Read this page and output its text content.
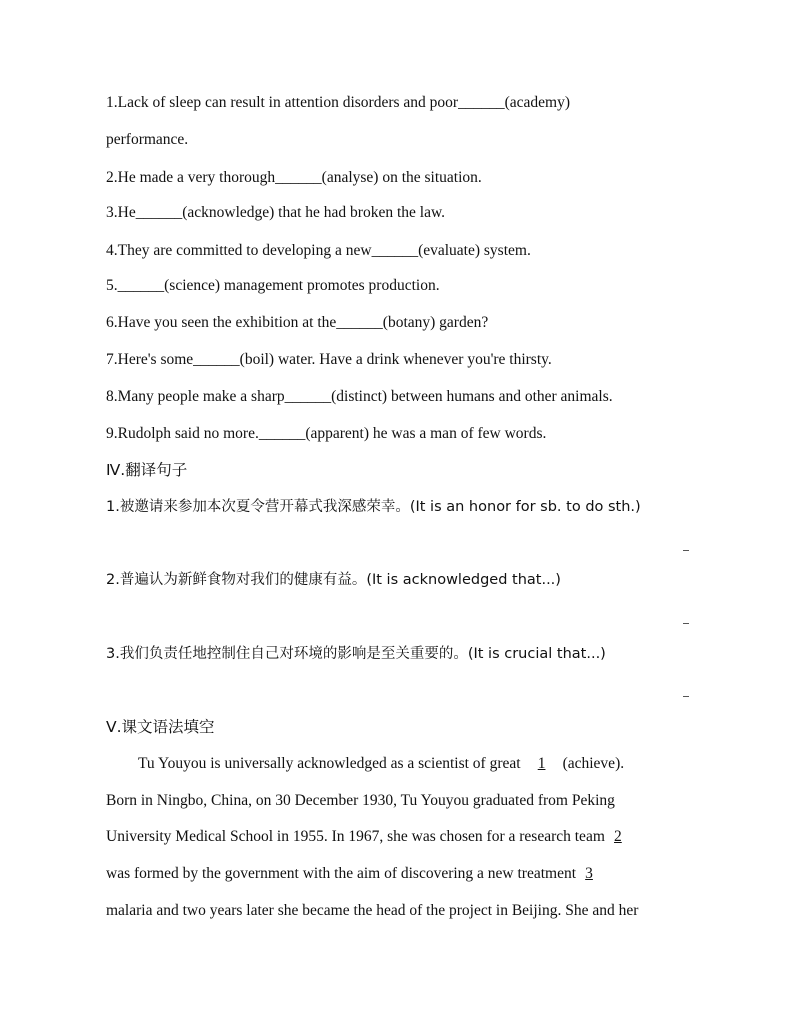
1.Lack of sleep can result in attention disorders and poor______(academy)
performance.
2.He made a very thorough______(analyse) on the situation.
3.He______(acknowledge) that he had broken the law.
4.They are committed to developing a new______(evaluate) system.
5.______(science) management promotes production.
6.Have you seen the exhibition at the______(botany) garden?
7.Here's some______(boil) water. Have a drink whenever you're thirsty.
8.Many people make a sharp______(distinct) between humans and other animals.
9.Rudolph said no more.______(apparent) he was a man of few words.
Ⅳ.翻译句子
1.被邀请来参加本次夏令营开幕式我深感荣幸。(It is an honor for sb. to do sth.)
2.普遍认为新鲜食物对我们的健康有益。(It is acknowledged that...)
3.我们负责任地控制住自己对环境的影响是至关重要的。(It is crucial that...)
Ⅴ.课文语法填空
Tu Youyou is universally acknowledged as a scientist of great 1 (achieve).
Born in Ningbo, China, on 30 December 1930, Tu Youyou graduated from Peking
University Medical School in 1955. In 1967, she was chosen for a research team 2
was formed by the government with the aim of discovering a new treatment 3
malaria and two years later she became the head of the project in Beijing. She and her
